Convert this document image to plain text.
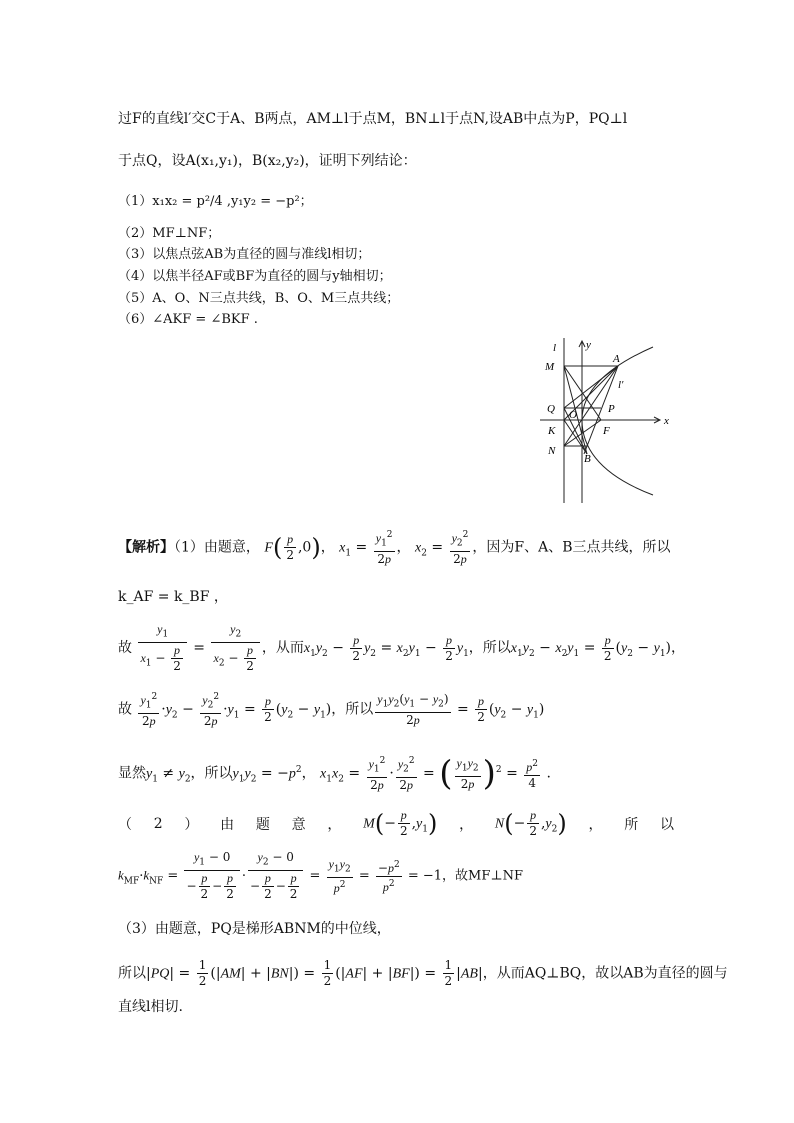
过F的直线l′交C于A、B两点，AM⊥l于点M，BN⊥l于点N,设AB中点为P，PQ⊥l
于点Q，设A(x₁,y₁)，B(x₂,y₂)，证明下列结论：
（1）x₁x₂ = p²/4 ,y₁y₂ = −p²；
（2）MF⊥NF；
（3）以焦点弦AB为直径的圆与准线l相切；
（4）以焦半径AF或BF为直径的圆与y轴相切；
（5）A、O、N三点共线，B、O、M三点共线；
（6）∠AKF = ∠BKF .
l	y
x
A
M
l′
Q O	P
K	F
N
B
【解析】（1）由题意， $F( \frac{p}{2} ,0)$， $x_1 = \frac{y_1^2}{2p}$ ， $x_2 = \frac{y_2^2}{2p}$ ，因为F、A、B三点共线，所以
k_AF = k_BF ，
故 $\frac{y_1}{x_1 - \frac{p}{2}} = \frac{y_2}{x_2 - \frac{p}{2}}$ ，从而$x_1y_2 - \frac{p}{2} y_2 = x_2y_1 - \frac{p}{2} y_1$，所以$x_1y_2 - x_2y_1 = \frac{p}{2} (y_2 - y_1)$，
故 $\frac{y_1^2}{2p} \cdot y_2 - \frac{y_2^2}{2p} \cdot y_1 = \frac{p}{2} (y_2 - y_1)$，所以 $\frac{y_1y_2(y_1 - y_2)}{2p} = \frac{p}{2} (y_2 - y_1)$
显然$y_1 \ne y_2$，所以$y_1y_2 = -p^2$， $x_1x_2 = \frac{y_1^2}{2p} \cdot \frac{y_2^2}{2p}$ = ( $\frac{y_1y_2}{2p} )^2 = \frac{p^2}{4}$ .
（ 2 ） 由 题 意 ， $M(- \frac{p}{2} ,y_1)$ ， $N(- \frac{p}{2} ,y_2)$ ， 所 以
$k_{MF}\cdot k_{NF} = \frac{y_1 - 0}{- \frac{p}{2} - \frac{p}{2}} \cdot \frac{y_2 - 0}{- \frac{p}{2} - \frac{p}{2}} = \frac{y_1y_2}{p^2} = \frac{-p^2}{p^2} = -1$，故MF⊥NF
（3）由题意，PQ是梯形ABNM的中位线，
所以$|PQ| = \frac{1}{2} (|AM| + |BN|) = \frac{1}{2} (|AF| + |BF|) = \frac{1}{2} |AB|$，从而AQ⊥BQ，故以AB为直径的圆与
直线l相切.
